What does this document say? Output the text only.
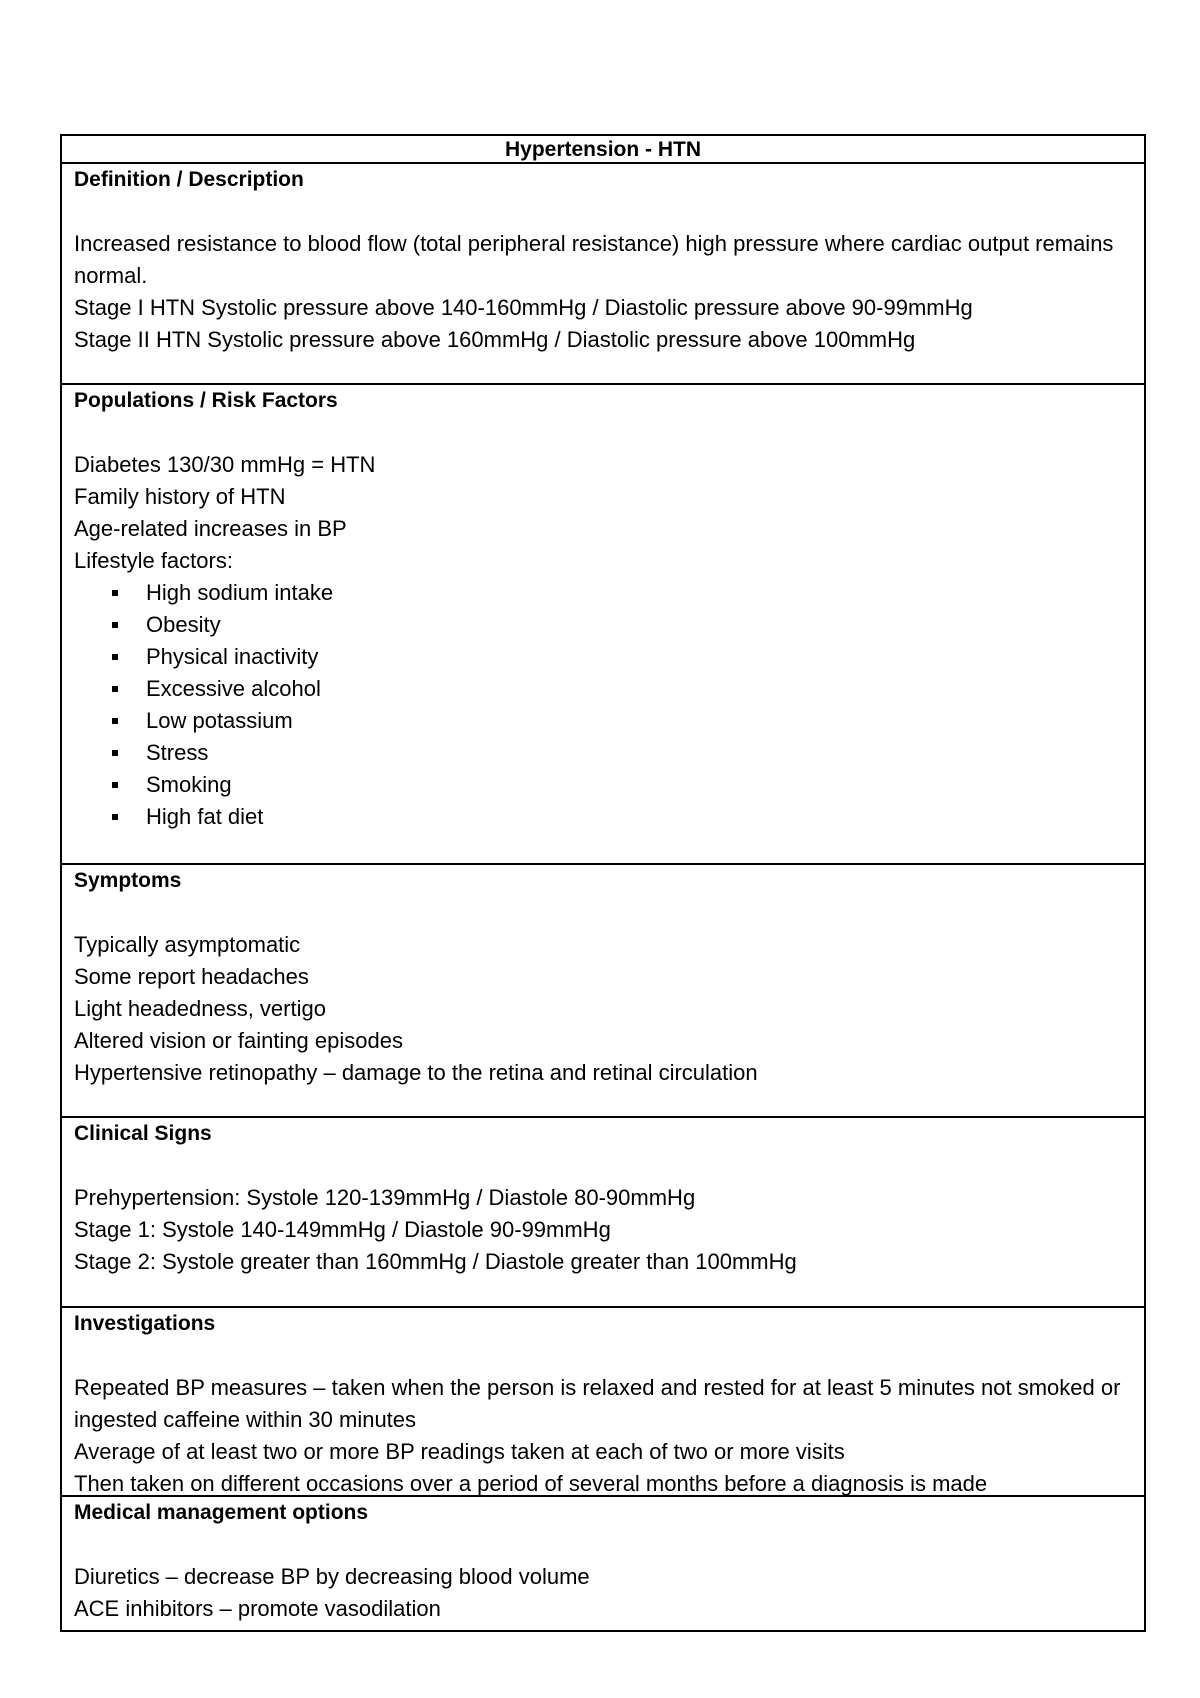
Hypertension - HTN

Definition / Description

Increased resistance to blood flow (total peripheral resistance) high pressure where cardiac output remains normal.

Stage I HTN Systolic pressure above 140-160mmHg / Diastolic pressure above 90-99mmHg

Stage II HTN Systolic pressure above 160mmHg / Diastolic pressure above 100mmHg

Populations / Risk Factors

Diabetes 130/30 mmHg = HTN

Family history of HTN

Age-related increases in BP

Lifestyle factors:

High sodium intake
Obesity
Physical inactivity
Excessive alcohol
Low potassium
Stress
Smoking
High fat diet

Symptoms

Typically asymptomatic

Some report headaches

Light headedness, vertigo

Altered vision or fainting episodes

Hypertensive retinopathy – damage to the retina and retinal circulation

Clinical Signs

Prehypertension: Systole 120-139mmHg / Diastole 80-90mmHg

Stage 1: Systole 140-149mmHg / Diastole 90-99mmHg

Stage 2: Systole greater than 160mmHg / Diastole greater than 100mmHg

Investigations

Repeated BP measures – taken when the person is relaxed and rested for at least 5 minutes not smoked or ingested caffeine within 30 minutes

Average of at least two or more BP readings taken at each of two or more visits

Then taken on different occasions over a period of several months before a diagnosis is made

Medical management options

Diuretics – decrease BP by decreasing blood volume

ACE inhibitors – promote vasodilation
